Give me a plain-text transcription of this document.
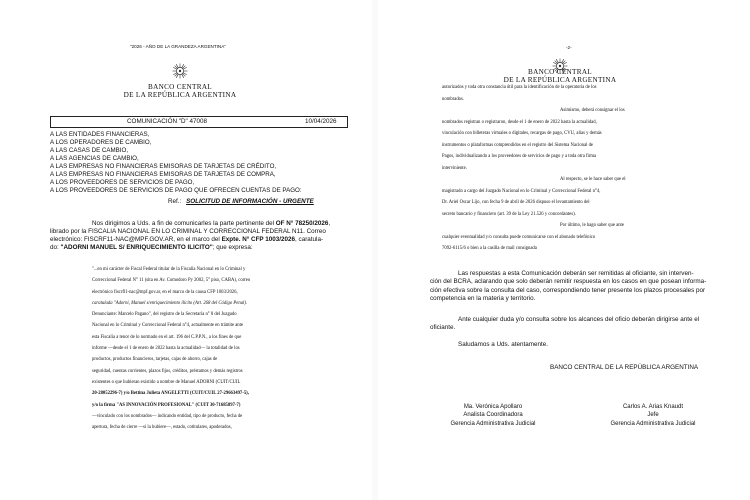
"2026 - AÑO DE LA GRANDEZA ARGENTINA"
BANCO CENTRAL
DE LA REPÚBLICA ARGENTINA
COMUNICACIÓN "D" 47008	10/04/2026
A LAS ENTIDADES FINANCIERAS,
A LOS OPERADORES DE CAMBIO,
A LAS CASAS DE CAMBIO,
A LAS AGENCIAS DE CAMBIO,
A LAS EMPRESAS NO FINANCIERAS EMISORAS DE TARJETAS DE CRÉDITO,
A LAS EMPRESAS NO FINANCIERAS EMISORAS DE TARJETAS DE COMPRA,
A LOS PROVEEDORES DE SERVICIOS DE PAGO,
A LOS PROVEEDORES DE SERVICIOS DE PAGO QUE OFRECEN CUENTAS DE PAGO:
Ref.: SOLICITUD DE INFORMACIÓN - URGENTE
Nos dirigimos a Uds. a fin de comunicarles la parte pertinente del OF N° 78250/2026,
librado por la FISCALIA NACIONAL EN LO CRIMINAL Y CORRECCIONAL FEDERAL N11. Correo
electrónico: FISCRF11-NAC@MPF.GOV.AR, en el marco del Expte. N° CFP 1003/2026, caratula-
do: "ADORNI MANUEL S/ ENRIQUECIMIENTO ILICITO"; que expresa:
"...en mi carácter de Fiscal Federal titular de la Fiscalía Nacional en lo Criminal y
Correccional Federal N° 11 (sita en Av. Comodoro Py 2002, 5° piso, CABA), correo
electrónico fiscrfl1-nac@mpf.gov.ar, en el marco de la causa CFP 1003/2026,
caratulada "Adorni, Manuel s/enriquecimiento ilícito (Art. 268 del Código Penal).
Denunciante: Marcelo Pagano", del registro de la Secretaría n° 8 del Juzgado
Nacional en lo Criminal y Correccional Federal n°4, actualmente en trámite ante
esta Fiscalía a tenor de lo normado en el art. 196 del C.P.P.N., a los fines de que
informe —desde el 1 de enero de 2022 hasta la actualidad— la totalidad de los
productos, productos financieros, tarjetas, cajas de ahorro, cajas de
seguridad, cuentas corrientes, plazos fijos, créditos, préstamos y demás registros
existentes o que hubieran existido a nombre de Manuel ADORNI (CUIT/CUIL
20-28052296-7) y/o Bettina Julieta ANGELETTI (CUIT/CUIL 27-29663497-5),
y/o la firma "AS INNOVACIÓN PROFESIONAL" (CUIT 30-71685897-7)
—vinculado con los nombrados— indicando entidad, tipo de producto, fecha de
apertura, fecha de cierre —si la hubiere—, estado, cotitulares, apoderados,
-2-
BANCO CENTRAL
DE LA REPÚBLICA ARGENTINA
autorizados y toda otra constancia útil para la identificación de la operatoria de los
nombrados.
Asimismo, deberá consignar el los
nombrados registran o registraron, desde el 1 de enero de 2022 hasta la actualidad,
vinculación con billeteras virtuales o digitales, recargas de pago, CVU, alias y demás
instrumentos o plataformas comprendidos en el registro del Sistema Nacional de
Pagos, individualizando a los proveedores de servicios de pago y a toda otra firma
interviniente.
Al respecto, se le hace saber que el
magistrado a cargo del Juzgado Nacional en lo Criminal y Correccional Federal n°4,
Dr. Ariel Oscar Lijo, con fecha 9 de abril de 2026 dispuso el levantamiento del
secreto bancario y financiero (art. 39 de la Ley 21.526 y concordantes).
Por último, le hago saber que ante
cualquier eventualidad y/o consulta puede comunicarse con el abonado telefónico
7092-6115/6 o bien a la casilla de mail consignada
Las respuestas a esta Comunicación deberán ser remitidas al oficiante, sin interven-
ción del BCRA, aclarando que solo deberán remitir respuesta en los casos en que posean informa-
ción efectiva sobre la consulta del caso, correspondiendo tener presente los plazos procesales por
competencia en la materia y territorio.
Ante cualquier duda y/o consulta sobre los alcances del oficio deberán dirigirse ante el
oficiante.
Saludamos a Uds. atentamente.
BANCO CENTRAL DE LA REPÚBLICA ARGENTINA
Ma. Verónica Apollaro
Analista Coordinadora
Gerencia Administrativa Judicial
Carlos A. Arias Knaudt
Jefe
Gerencia Administrativa Judicial
